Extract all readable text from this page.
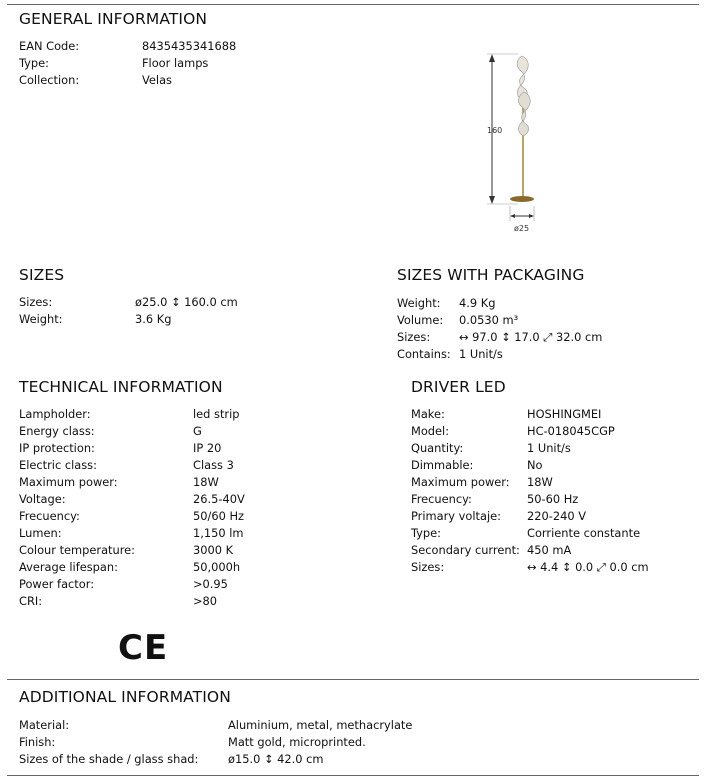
GENERAL INFORMATION
EAN Code:	8435435341688
Type:	Floor lamps
Collection:	Velas
160
ø25
SIZES
Sizes:	ø25.0 ↕ 160.0 cm
Weight:	3.6 Kg
SIZES WITH PACKAGING
Weight: 4.9 Kg
Volume: 0.0530 m³
Sizes:	↔ 97.0 ↕ 17.0 ⤢ 32.0 cm
Contains: 1 Unit/s
TECHNICAL INFORMATION
Lampholder:	led strip
Energy class:	G
IP protection:	IP 20
Electric class:	Class 3
Maximum power:	18W
Voltage:	26.5-40V
Frecuency:	50/60 Hz
Lumen:	1,150 lm
Colour temperature:	3000 K
Average lifespan:	50,000h
Power factor:	>0.95
CRI:	>80
CE
DRIVER LED
Make:	HOSHINGMEI
Model:	HC-018045CGP
Quantity:	1 Unit/s
Dimmable:	No
Maximum power: 18W
Frecuency:	50-60 Hz
Primary voltaje: 220-240 V
Type:	Corriente constante
Secondary current: 450 mA
Sizes:	↔ 4.4 ↕ 0.0 ⤢ 0.0 cm
ADDITIONAL INFORMATION
Material:	Aluminium, metal, methacrylate
Finish:	Matt gold, microprinted.
Sizes of the shade / glass shad:	ø15.0 ↕ 42.0 cm
